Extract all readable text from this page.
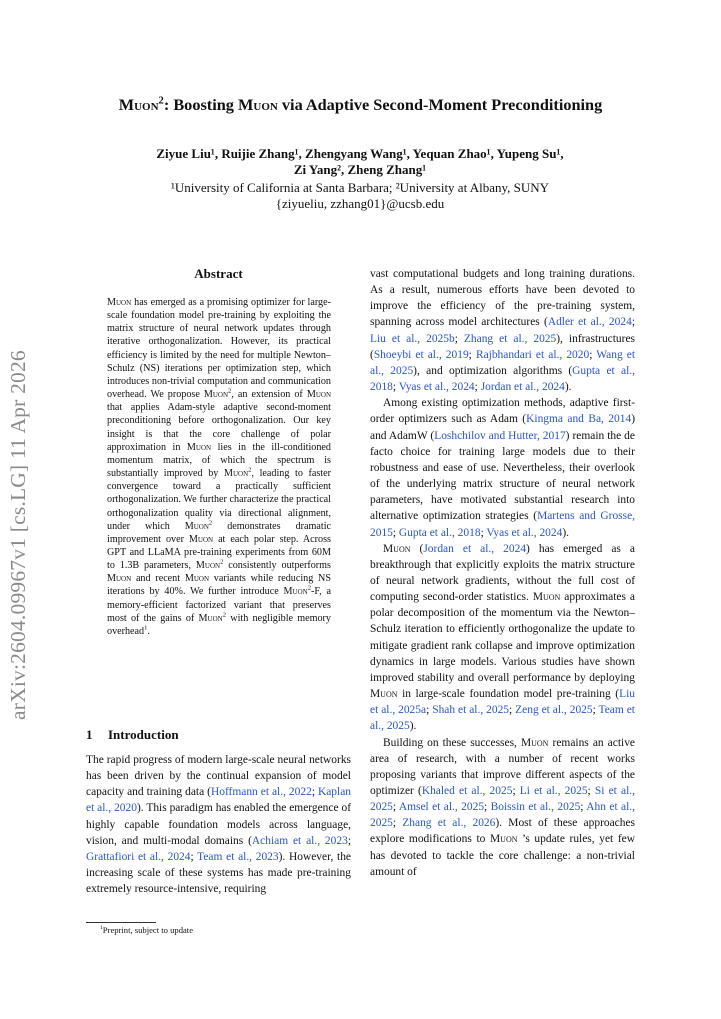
arXiv:2604.09967v1 [cs.LG] 11 Apr 2026
Muon$^2$: Boosting Muon via Adaptive Second-Moment Preconditioning
Ziyue Liu¹, Ruijie Zhang¹, Zhengyang Wang¹, Yequan Zhao¹, Yupeng Su¹,
Zi Yang², Zheng Zhang¹
¹University of California at Santa Barbara; ²University at Albany, SUNY
{ziyueliu, zzhang01}@ucsb.edu
Abstract

Muon has emerged as a promising optimizer for large-scale foundation model pre-training by exploiting the matrix structure of neural network updates through iterative orthogonalization. However, its practical efficiency is limited by the need for multiple Newton–Schulz (NS) iterations per optimization step, which introduces non-trivial computation and communication overhead. We propose Muon$^2$, an extension of Muon that applies Adam-style adaptive second-moment preconditioning before orthogonalization. Our key insight is that the core challenge of polar approximation in Muon lies in the ill-conditioned momentum matrix, of which the spectrum is substantially improved by Muon$^2$, leading to faster convergence toward a practically sufficient orthogonalization. We further characterize the practical orthogonalization quality via directional alignment, under which Muon$^2$ demonstrates dramatic improvement over Muon at each polar step. Across GPT and LLaMA pre-training experiments from 60M to 1.3B parameters, Muon$^2$ consistently outperforms Muon and recent Muon variants while reducing NS iterations by 40%. We further introduce Muon$^2$-F, a memory-efficient factorized variant that preserves most of the gains of Muon$^2$ with negligible memory overhead$^1$.

1 Introduction

The rapid progress of modern large-scale neural networks has been driven by the continual expansion of model capacity and training data (Hoffmann et al., 2022; Kaplan et al., 2020). This paradigm has enabled the emergence of highly capable foundation models across language, vision, and multi-modal domains (Achiam et al., 2023; Grattafiori et al., 2024; Team et al., 2023). However, the increasing scale of these systems has made pre-training extremely resource-intensive, requiring

vast computational budgets and long training durations. As a result, numerous efforts have been devoted to improve the efficiency of the pre-training system, spanning across model architectures (Adler et al., 2024; Liu et al., 2025b; Zhang et al., 2025), infrastructures (Shoeybi et al., 2019; Rajbhandari et al., 2020; Wang et al., 2025), and optimization algorithms (Gupta et al., 2018; Vyas et al., 2024; Jordan et al., 2024).

Among existing optimization methods, adaptive first-order optimizers such as Adam (Kingma and Ba, 2014) and AdamW (Loshchilov and Hutter, 2017) remain the de facto choice for training large models due to their robustness and ease of use. Nevertheless, their overlook of the underlying matrix structure of neural network parameters, have motivated substantial research into alternative optimization strategies (Martens and Grosse, 2015; Gupta et al., 2018; Vyas et al., 2024).

Muon (Jordan et al., 2024) has emerged as a breakthrough that explicitly exploits the matrix structure of neural network gradients, without the full cost of computing second-order statistics. Muon approximates a polar decomposition of the momentum via the Newton–Schulz iteration to efficiently orthogonalize the update to mitigate gradient rank collapse and improve optimization dynamics in large models. Various studies have shown improved stability and overall performance by deploying Muon in large-scale foundation model pre-training (Liu et al., 2025a; Shah et al., 2025; Zeng et al., 2025; Team et al., 2025).

Building on these successes, Muon remains an active area of research, with a number of recent works proposing variants that improve different aspects of the optimizer (Khaled et al., 2025; Li et al., 2025; Si et al., 2025; Amsel et al., 2025; Boissin et al., 2025; Ahn et al., 2025; Zhang et al., 2026). Most of these approaches explore modifications to Muon ’s update rules, yet few has devoted to tackle the core challenge: a non-trivial amount of

$^1$Preprint, subject to update
